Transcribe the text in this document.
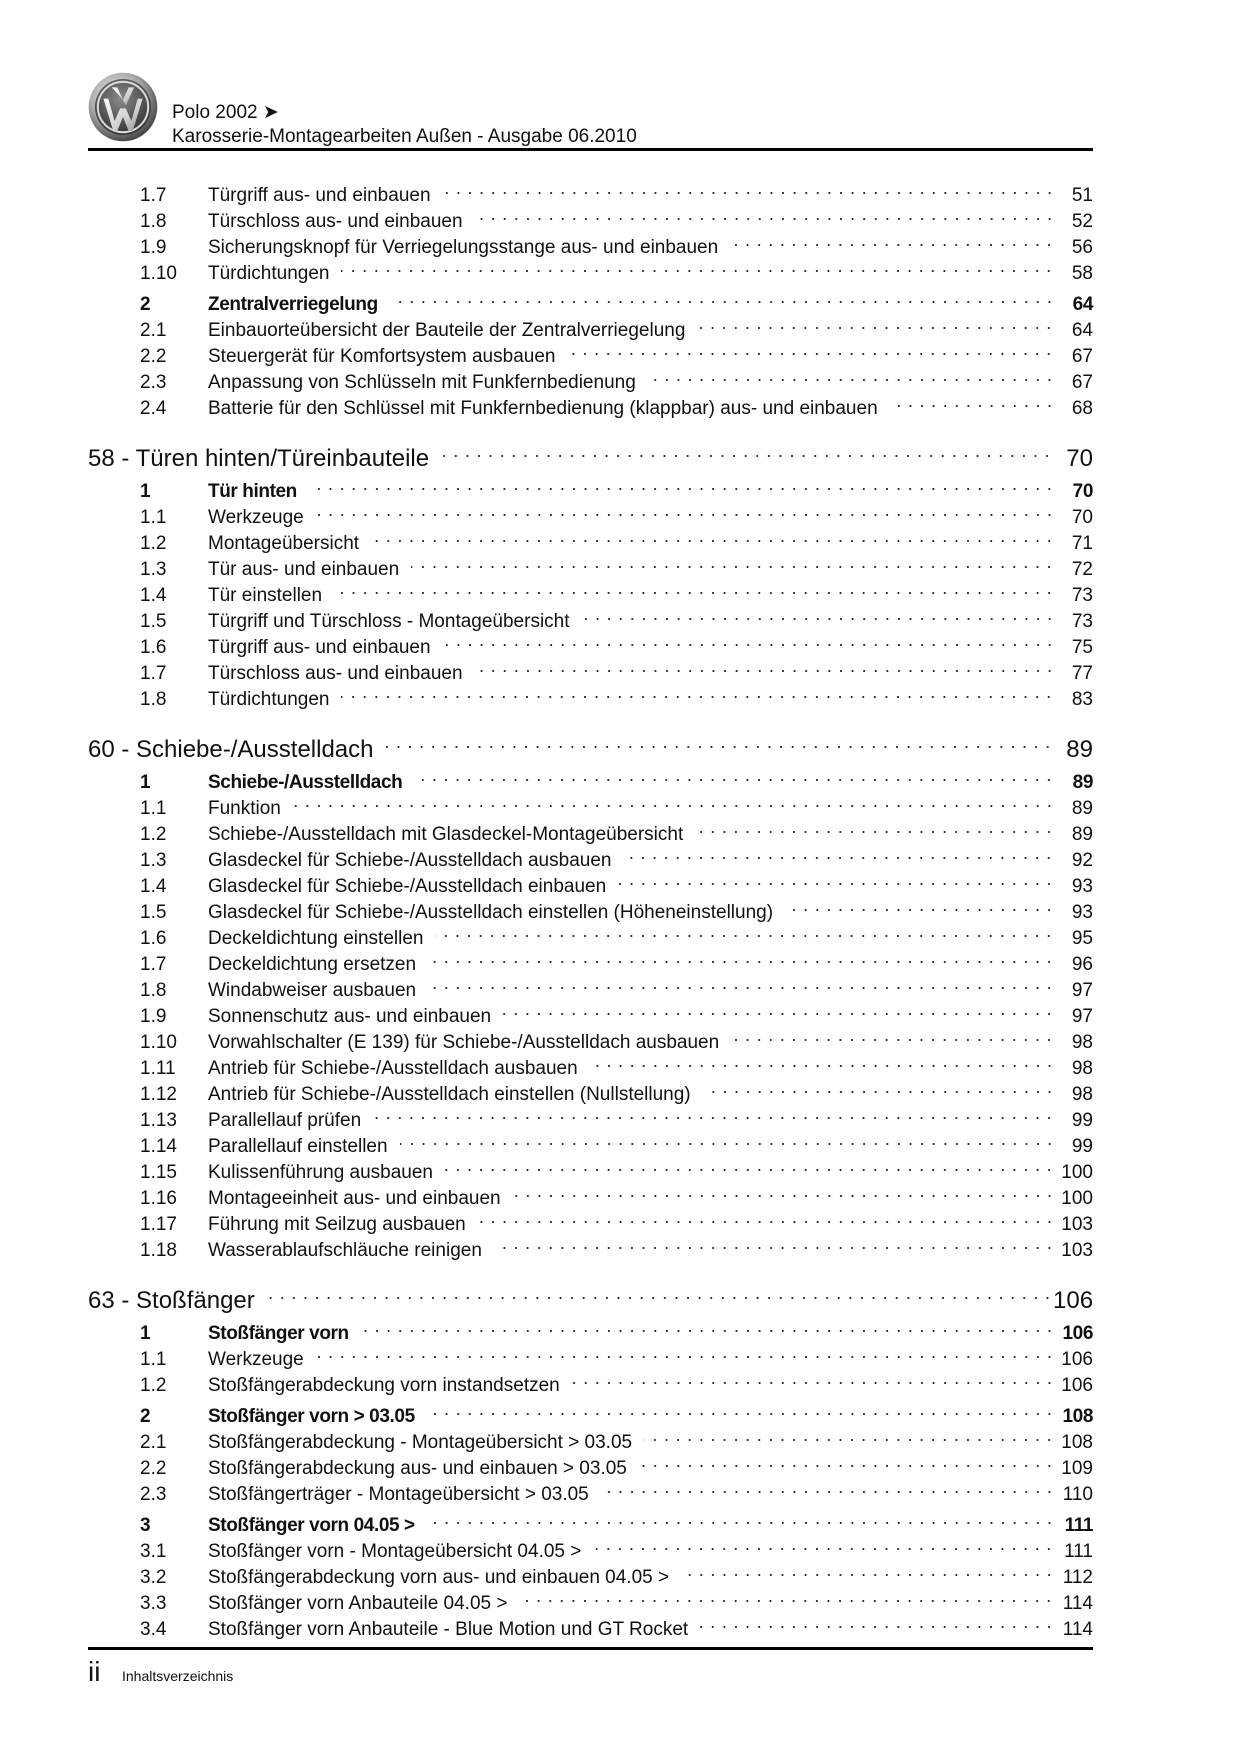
Polo 2002 ➤
Karosserie-Montagearbeiten Außen - Ausgabe 06.2010
1.7	Türgriff aus- und einbauen	51
1.8	Türschloss aus- und einbauen	52
1.9	Sicherungsknopf für Verriegelungsstange aus- und einbauen	56
1.10	Türdichtungen	58
2	Zentralverriegelung	64
2.1	Einbauorteübersicht der Bauteile der Zentralverriegelung	64
2.2	Steuergerät für Komfortsystem ausbauen	67
2.3	Anpassung von Schlüsseln mit Funkfernbedienung	67
2.4	Batterie für den Schlüssel mit Funkfernbedienung (klappbar) aus- und einbauen	68
58 - Türen hinten/Türeinbauteile	70
1	Tür hinten	70
1.1	Werkzeuge	70
1.2	Montageübersicht	71
1.3	Tür aus- und einbauen	72
1.4	Tür einstellen	73
1.5	Türgriff und Türschloss - Montageübersicht	73
1.6	Türgriff aus- und einbauen	75
1.7	Türschloss aus- und einbauen	77
1.8	Türdichtungen	83
60 - Schiebe-/Ausstelldach	89
1	Schiebe-/Ausstelldach	89
1.1	Funktion	89
1.2	Schiebe-/Ausstelldach mit Glasdeckel-Montageübersicht	89
1.3	Glasdeckel für Schiebe-/Ausstelldach ausbauen	92
1.4	Glasdeckel für Schiebe-/Ausstelldach einbauen	93
1.5	Glasdeckel für Schiebe-/Ausstelldach einstellen (Höheneinstellung)	93
1.6	Deckeldichtung einstellen	95
1.7	Deckeldichtung ersetzen	96
1.8	Windabweiser ausbauen	97
1.9	Sonnenschutz aus- und einbauen	97
1.10	Vorwahlschalter (E 139) für Schiebe-/Ausstelldach ausbauen	98
1.11	Antrieb für Schiebe-/Ausstelldach ausbauen	98
1.12	Antrieb für Schiebe-/Ausstelldach einstellen (Nullstellung)	98
1.13	Parallellauf prüfen	99
1.14	Parallellauf einstellen	99
1.15	Kulissenführung ausbauen	100
1.16	Montageeinheit aus- und einbauen	100
1.17	Führung mit Seilzug ausbauen	103
1.18	Wasserablaufschläuche reinigen	103
63 - Stoßfänger	106
1	Stoßfänger vorn	106
1.1	Werkzeuge	106
1.2	Stoßfängerabdeckung vorn instandsetzen	106
2	Stoßfänger vorn > 03.05	108
2.1	Stoßfängerabdeckung - Montageübersicht > 03.05	108
2.2	Stoßfängerabdeckung aus- und einbauen > 03.05	109
2.3	Stoßfängerträger - Montageübersicht > 03.05	110
3	Stoßfänger vorn 04.05 >	111
3.1	Stoßfänger vorn - Montageübersicht 04.05 >	111
3.2	Stoßfängerabdeckung vorn aus- und einbauen 04.05 >	112
3.3	Stoßfänger vorn Anbauteile 04.05 >	114
3.4	Stoßfänger vorn Anbauteile - Blue Motion und GT Rocket	114
ii Inhaltsverzeichnis
